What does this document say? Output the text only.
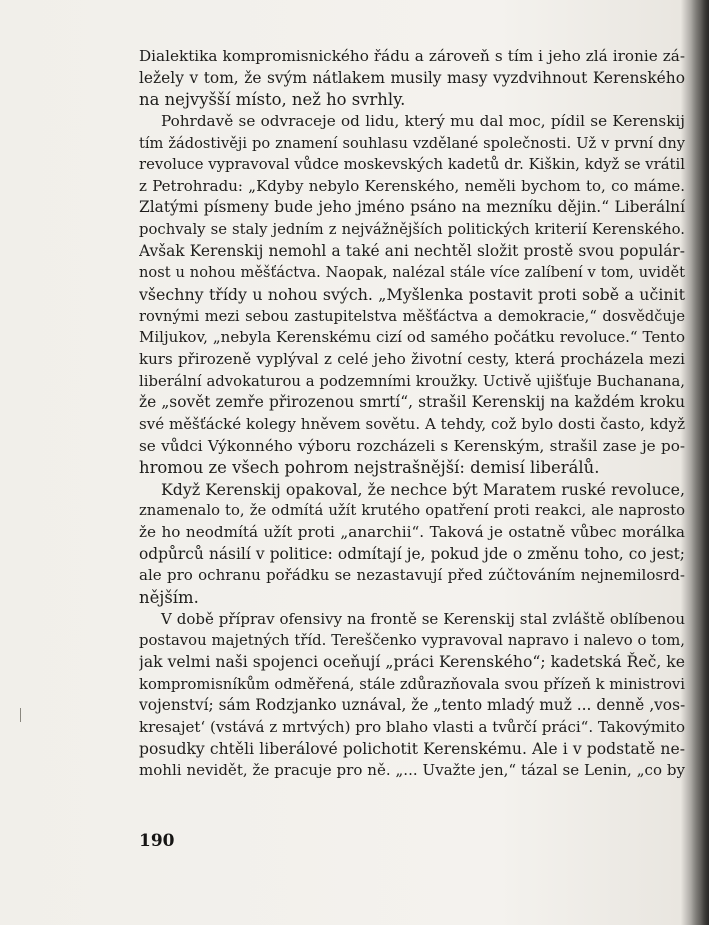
Dialektika kompromisnického řádu a zároveň s tím i jeho zlá ironie zá-
ležely v tom, že svým nátlakem musily masy vyzdvihnout Kerenského
na nejvyšší místo, než ho svrhly.
Pohrdavě se odvraceje od lidu, který mu dal moc, pídil se Kerenskij
tím žádostivěji po znamení souhlasu vzdělané společnosti. Už v první dny
revoluce vypravoval vůdce moskevských kadetů dr. Kiškin, když se vrátil
z Petrohradu: „Kdyby nebylo Kerenského, neměli bychom to, co máme.
Zlatými písmeny bude jeho jméno psáno na mezníku dějin.“ Liberální
pochvaly se staly jedním z nejvážnějších politických kriterií Kerenského.
Avšak Kerenskij nemohl a také ani nechtěl složit prostě svou populár-
nost u nohou měšťáctva. Naopak, nalézal stále více zalíbení v tom, uvidět
všechny třídy u nohou svých. „Myšlenka postavit proti sobě a učinit
rovnými mezi sebou zastupitelstva měšťáctva a demokracie,“ dosvědčuje
Miljukov, „nebyla Kerenskému cizí od samého počátku revoluce.“ Tento
kurs přirozeně vyplýval z celé jeho životní cesty, která procházela mezi
liberální advokaturou a podzemními kroužky. Uctivě ujišťuje Buchanana,
že „sovět zemře přirozenou smrtí“, strašil Kerenskij na každém kroku
své měšťácké kolegy hněvem sovětu. A tehdy, což bylo dosti často, když
se vůdci Výkonného výboru rozcházeli s Kerenským, strašil zase je po-
hromou ze všech pohrom nejstrašnější: demisí liberálů.
Když Kerenskij opakoval, že nechce být Maratem ruské revoluce,
znamenalo to, že odmítá užít krutého opatření proti reakci, ale naprosto
že ho neodmítá užít proti „anarchii“. Taková je ostatně vůbec morálka
odpůrců násilí v politice: odmítají je, pokud jde o změnu toho, co jest;
ale pro ochranu pořádku se nezastavují před zúčtováním nejnemilosrd-
nějším.
V době příprav ofensivy na frontě se Kerenskij stal zvláště oblíbenou
postavou majetných tříd. Tereščenko vypravoval napravo i nalevo o tom,
jak velmi naši spojenci oceňují „práci Kerenského“; kadetská Řeč, ke
kompromisníkům odměřená, stále zdůrazňovala svou přízeň k ministrovi
vojenství; sám Rodzjanko uznával, že „tento mladý muž ... denně ‚vos-
kresajet‘ (vstává z mrtvých) pro blaho vlasti a tvůrčí práci“. Takovýmito
posudky chtěli liberálové polichotit Kerenskému. Ale i v podstatě ne-
mohli nevidět, že pracuje pro ně. „... Uvažte jen,“ tázal se Lenin, „co by
190
